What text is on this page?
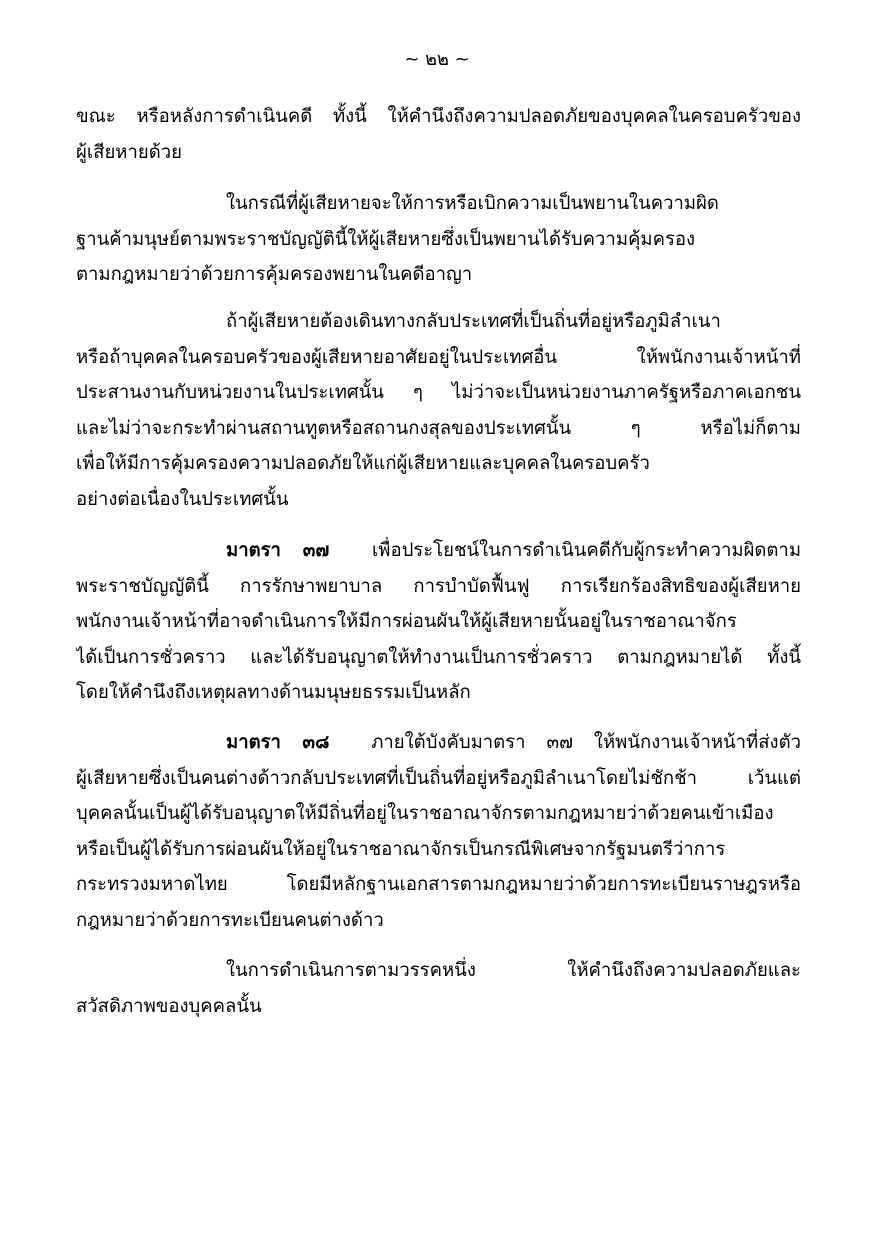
~ ๒๒ ~
ขณะ หรือหลังการดำเนินคดี ทั้งนี้ ให้คำนึงถึงความปลอดภัยของบุคคลในครอบครัวของ
ผู้เสียหายด้วย
ในกรณีที่ผู้เสียหายจะให้การหรือเบิกความเป็นพยานในความผิด
ฐานค้ามนุษย์ตามพระราชบัญญัตินี้ให้ผู้เสียหายซึ่งเป็นพยานได้รับความคุ้มครอง
ตามกฎหมายว่าด้วยการคุ้มครองพยานในคดีอาญา
ถ้าผู้เสียหายต้องเดินทางกลับประเทศที่เป็นถิ่นที่อยู่หรือภูมิลำเนา
หรือถ้าบุคคลในครอบครัวของผู้เสียหายอาศัยอยู่ในประเทศอื่น ให้พนักงานเจ้าหน้าที่
ประสานงานกับหน่วยงานในประเทศนั้น ๆ ไม่ว่าจะเป็นหน่วยงานภาครัฐหรือภาคเอกชน
และไม่ว่าจะกระทำผ่านสถานทูตหรือสถานกงสุลของประเทศนั้น ๆ หรือไม่ก็ตาม
เพื่อให้มีการคุ้มครองความปลอดภัยให้แก่ผู้เสียหายและบุคคลในครอบครัว
อย่างต่อเนื่องในประเทศนั้น
มาตรา ๓๗ เพื่อประโยชน์ในการดำเนินคดีกับผู้กระทำความผิดตาม
พระราชบัญญัตินี้ การรักษาพยาบาล การบำบัดฟื้นฟู การเรียกร้องสิทธิของผู้เสียหาย
พนักงานเจ้าหน้าที่อาจดำเนินการให้มีการผ่อนผันให้ผู้เสียหายนั้นอยู่ในราชอาณาจักร
ได้เป็นการชั่วคราว และได้รับอนุญาตให้ทำงานเป็นการชั่วคราว ตามกฎหมายได้ ทั้งนี้
โดยให้คำนึงถึงเหตุผลทางด้านมนุษยธรรมเป็นหลัก
มาตรา ๓๘ ภายใต้บังคับมาตรา ๓๗ ให้พนักงานเจ้าหน้าที่ส่งตัว
ผู้เสียหายซึ่งเป็นคนต่างด้าวกลับประเทศที่เป็นถิ่นที่อยู่หรือภูมิลำเนาโดยไม่ชักช้า เว้นแต่
บุคคลนั้นเป็นผู้ได้รับอนุญาตให้มีถิ่นที่อยู่ในราชอาณาจักรตามกฎหมายว่าด้วยคนเข้าเมือง
หรือเป็นผู้ได้รับการผ่อนผันให้อยู่ในราชอาณาจักรเป็นกรณีพิเศษจากรัฐมนตรีว่าการ
กระทรวงมหาดไทย โดยมีหลักฐานเอกสารตามกฎหมายว่าด้วยการทะเบียนราษฎรหรือ
กฎหมายว่าด้วยการทะเบียนคนต่างด้าว
ในการดำเนินการตามวรรคหนึ่ง ให้คำนึงถึงความปลอดภัยและ
สวัสดิภาพของบุคคลนั้น
